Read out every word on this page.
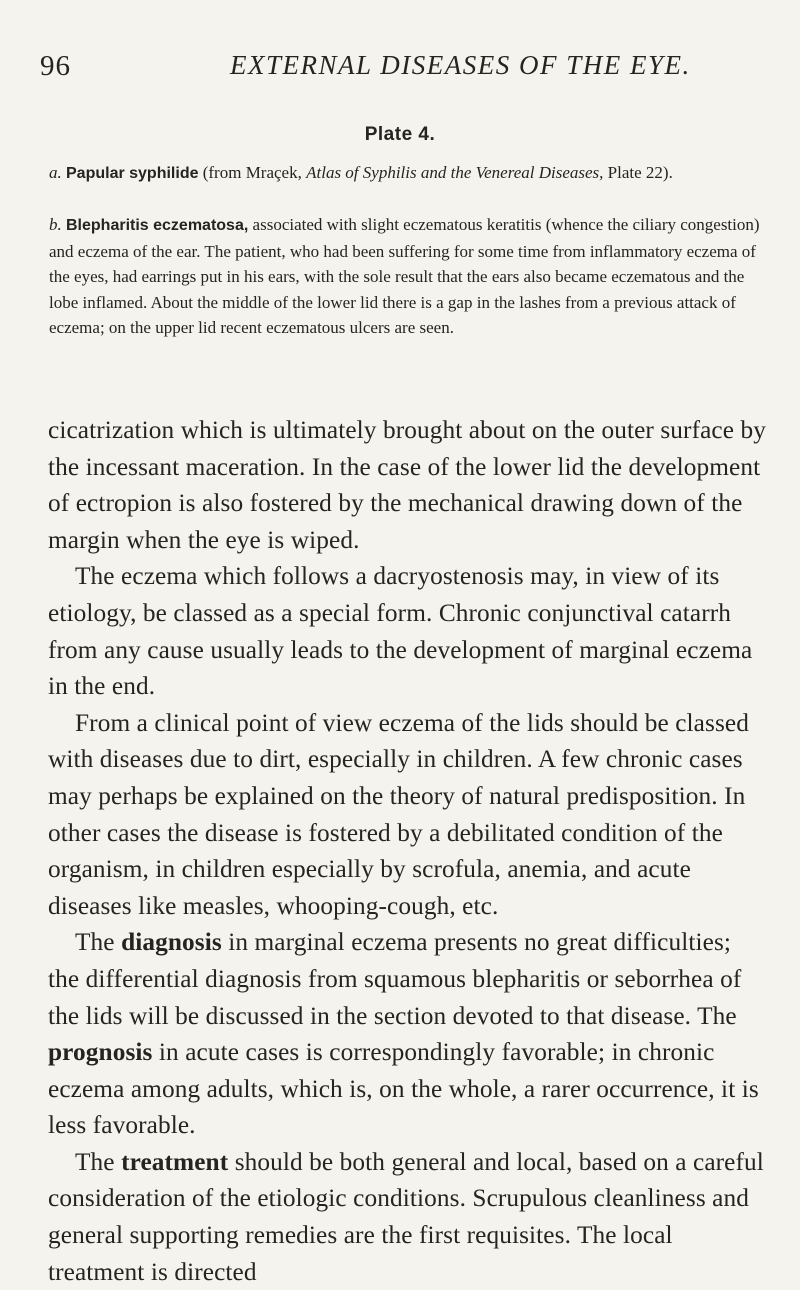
96	EXTERNAL DISEASES OF THE EYE.
Plate 4.
a. Papular syphilide (from Mraçek, Atlas of Syphilis and the Venereal Diseases, Plate 22).
b. Blepharitis eczematosa, associated with slight eczematous keratitis (whence the ciliary congestion) and eczema of the ear. The patient, who had been suffering for some time from inflammatory eczema of the eyes, had earrings put in his ears, with the sole result that the ears also became eczematous and the lobe inflamed. About the middle of the lower lid there is a gap in the lashes from a previous attack of eczema; on the upper lid recent eczematous ulcers are seen.

cicatrization which is ultimately brought about on the outer surface by the incessant maceration. In the case of the lower lid the development of ectropion is also fostered by the mechanical drawing down of the margin when the eye is wiped.

The eczema which follows a dacryostenosis may, in view of its etiology, be classed as a special form. Chronic conjunctival catarrh from any cause usually leads to the development of marginal eczema in the end.

From a clinical point of view eczema of the lids should be classed with diseases due to dirt, especially in children. A few chronic cases may perhaps be explained on the theory of natural predisposition. In other cases the disease is fostered by a debilitated condition of the organism, in children especially by scrofula, anemia, and acute diseases like measles, whooping-cough, etc.

The diagnosis in marginal eczema presents no great difficulties; the differential diagnosis from squamous blepharitis or seborrhea of the lids will be discussed in the section devoted to that disease. The prognosis in acute cases is correspondingly favorable; in chronic eczema among adults, which is, on the whole, a rarer occurrence, it is less favorable.

The treatment should be both general and local, based on a careful consideration of the etiologic conditions. Scrupulous cleanliness and general supporting remedies are the first requisites. The local treatment is directed
